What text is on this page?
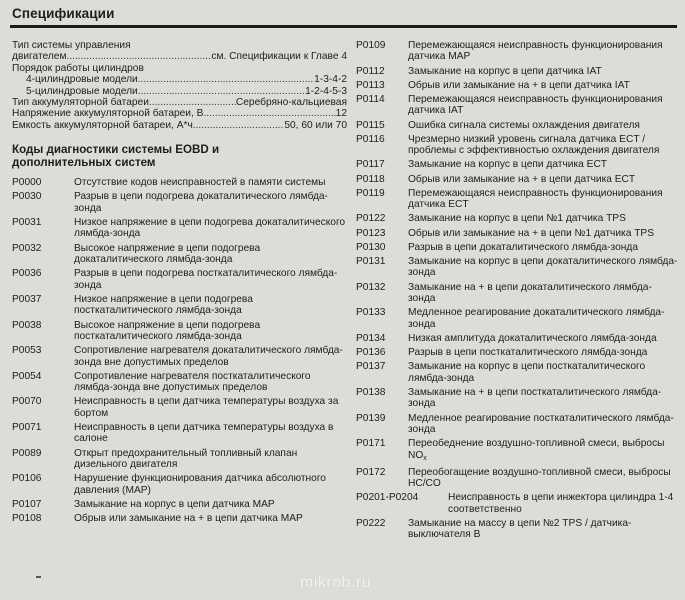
Спецификации
Тип системы управления
двигателем .....	см. Спецификации к Главе 4
Порядок работы цилиндров
4-цилиндровые модели .....	1-3-4-2
5-цилиндровые модели .....	1-2-4-5-3
Тип аккумуляторной батареи .....	Серебряно-кальциевая
Напряжение аккумуляторной батареи, В .....	12
Емкость аккумуляторной батареи, А*ч .....	50, 60 или 70
Коды диагностики системы EOBD и
дополнительных систем
P0000	Отсутствие кодов неисправностей в памяти системы
P0030	Разрыв в цепи подогрева докаталитического лямбда-зонда
P0031	Низкое напряжение в цепи подогрева докаталитического лямбда-зонда
P0032	Высокое напряжение в цепи подогрева докаталитического лямбда-зонда
P0036	Разрыв в цепи подогрева посткаталитического лямбда-зонда
P0037	Низкое напряжение в цепи подогрева посткаталитического лямбда-зонда
P0038	Высокое напряжение в цепи подогрева посткаталитического лямбда-зонда
P0053	Сопротивление нагревателя докаталитического лямбда-зонда вне допустимых пределов
P0054	Сопротивление нагревателя посткаталитического лямбда-зонда вне допустимых пределов
P0070	Неисправность в цепи датчика температуры воздуха за бортом
P0071	Неисправность в цепи датчика температуры воздуха в салоне
P0089	Открыт предохранительный топливный клапан дизельного двигателя
P0106	Нарушение функционирования датчика абсолютного давления (MAP)
P0107	Замыкание на корпус в цепи датчика MAP
P0108	Обрыв или замыкание на + в цепи датчика MAP
P0109	Перемежающаяся неисправность функционирования датчика MAP
P0112	Замыкание на корпус в цепи датчика IAT
P0113	Обрыв или замыкание на + в цепи датчика IAT
P0114	Перемежающаяся неисправность функционирования датчика IAT
P0115	Ошибка сигнала системы охлаждения двигателя
P0116	Чрезмерно низкий уровень сигнала датчика ECT / проблемы с эффективностью охлаждения двигателя
P0117	Замыкание на корпус в цепи датчика ECT
P0118	Обрыв или замыкание на + в цепи датчика ECT
P0119	Перемежающаяся неисправность функционирования датчика ECT
P0122	Замыкание на корпус в цепи №1 датчика TPS
P0123	Обрыв или замыкание на + в цепи №1 датчика TPS
P0130	Разрыв в цепи докаталитического лямбда-зонда
P0131	Замыкание на корпус в цепи докаталитического лямбда-зонда
P0132	Замыкание на + в цепи докаталитического лямбда-зонда
P0133	Медленное реагирование докаталитического лямбда-зонда
P0134	Низкая амплитуда докаталитического лямбда-зонда
P0136	Разрыв в цепи посткаталитического лямбда-зонда
P0137	Замыкание на корпус в цепи посткаталитического лямбда-зонда
P0138	Замыкание на + в цепи посткаталитического лямбда-зонда
P0139	Медленное реагирование посткаталитического лямбда-зонда
P0171	Переобеднение воздушно-топливной смеси, выбросы $NO_x$
P0172	Переобогащение воздушно-топливной смеси, выбросы HC/CO
P0201-P0204	Неисправность в цепи инжектора цилиндра 1-4 соответственно
P0222	Замыкание на массу в цепи №2 TPS / датчика-выключателя B
mikrob.ru
